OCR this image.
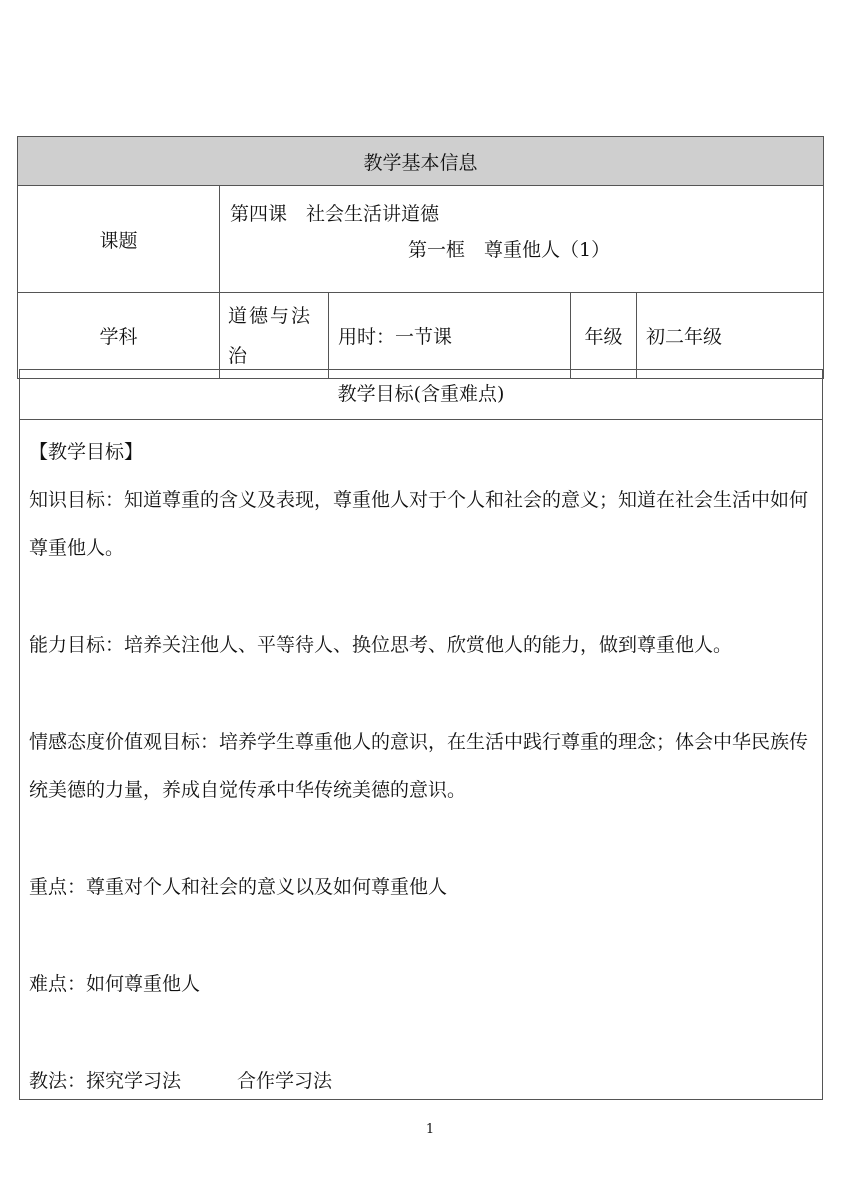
教学基本信息				
课题	第四课　社会生活讲道德
第一框　尊重他人（1）			

学科	道德与法治	用时：一节课	年级	初二年级
教学目标(含重难点)

【教学目标】

知识目标：知道尊重的含义及表现，尊重他人对于个人和社会的意义；知道在社会生活中如何尊重他人。

能力目标：培养关注他人、平等待人、换位思考、欣赏他人的能力，做到尊重他人。

情感态度价值观目标：培养学生尊重他人的意识，在生活中践行尊重的理念；体会中华民族传统美德的力量，养成自觉传承中华传统美德的意识。

重点：尊重对个人和社会的意义以及如何尊重他人

难点：如何尊重他人

教法：探究学习法	合作学习法

1
